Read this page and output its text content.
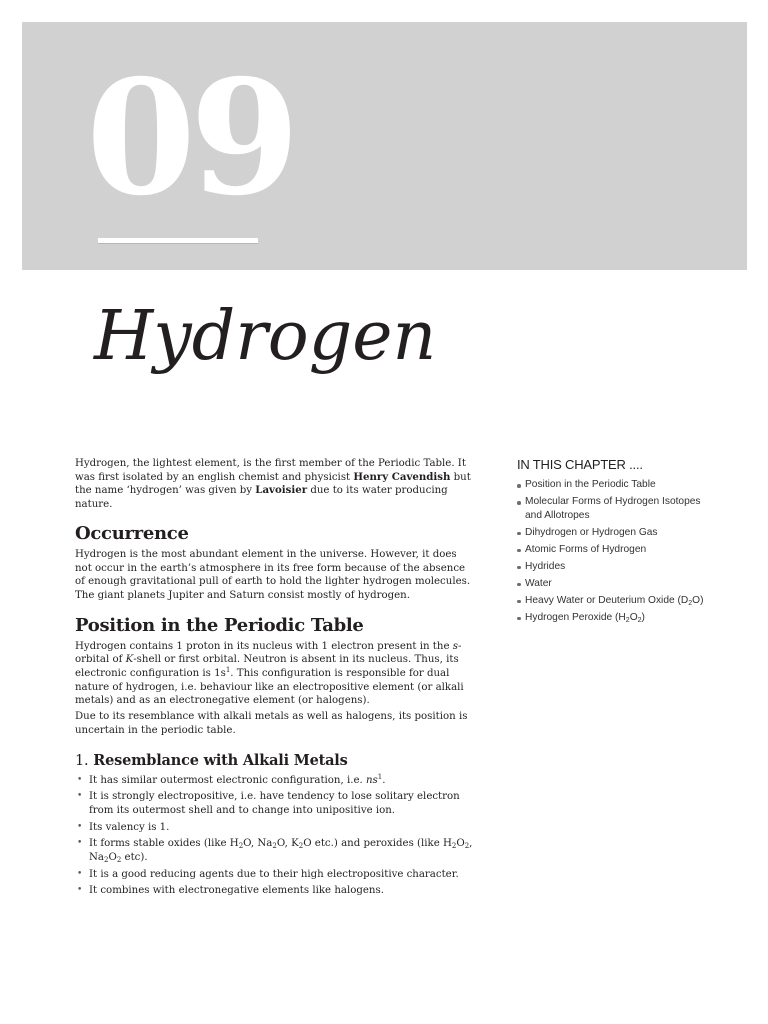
09
Hydrogen

Hydrogen, the lightest element, is the first member of the Periodic Table. It was first isolated by an english chemist and physicist Henry Cavendish but the name ‘hydrogen’ was given by Lavoisier due to its water producing nature.

Occurrence

Hydrogen is the most abundant element in the universe. However, it does not occur in the earth’s atmosphere in its free form because of the absence of enough gravitational pull of earth to hold the lighter hydrogen molecules. The giant planets Jupiter and Saturn consist mostly of hydrogen.

Position in the Periodic Table

Hydrogen contains 1 proton in its nucleus with 1 electron present in the s-orbital of K-shell or first orbital. Neutron is absent in its nucleus. Thus, its electronic configuration is $1s^1$. This configuration is responsible for dual nature of hydrogen, i.e. behaviour like an electropositive element (or alkali metals) and as an electronegative element (or halogens).

Due to its resemblance with alkali metals as well as halogens, its position is uncertain in the periodic table.

1. Resemblance with Alkali Metals
• It has similar outermost electronic configuration, i.e. $ns^1$.
• It is strongly electropositive, i.e. have tendency to lose solitary electron from its outermost shell and to change into unipositive ion.
• Its valency is 1.
• It forms stable oxides (like $H_2O$, $Na_2O$, $K_2O$ etc.) and peroxides (like $H_2O_2$, $Na_2O_2$ etc).
• It is a good reducing agents due to their high electropositive character.
• It combines with electronegative elements like halogens.
IN THIS CHAPTER ....
Position in the Periodic Table
Molecular Forms of Hydrogen Isotopes and Allotropes
Dihydrogen or Hydrogen Gas
Atomic Forms of Hydrogen
Hydrides
Water
Heavy Water or Deuterium Oxide $(D_2O)$
Hydrogen Peroxide $(H_2O_2)$
